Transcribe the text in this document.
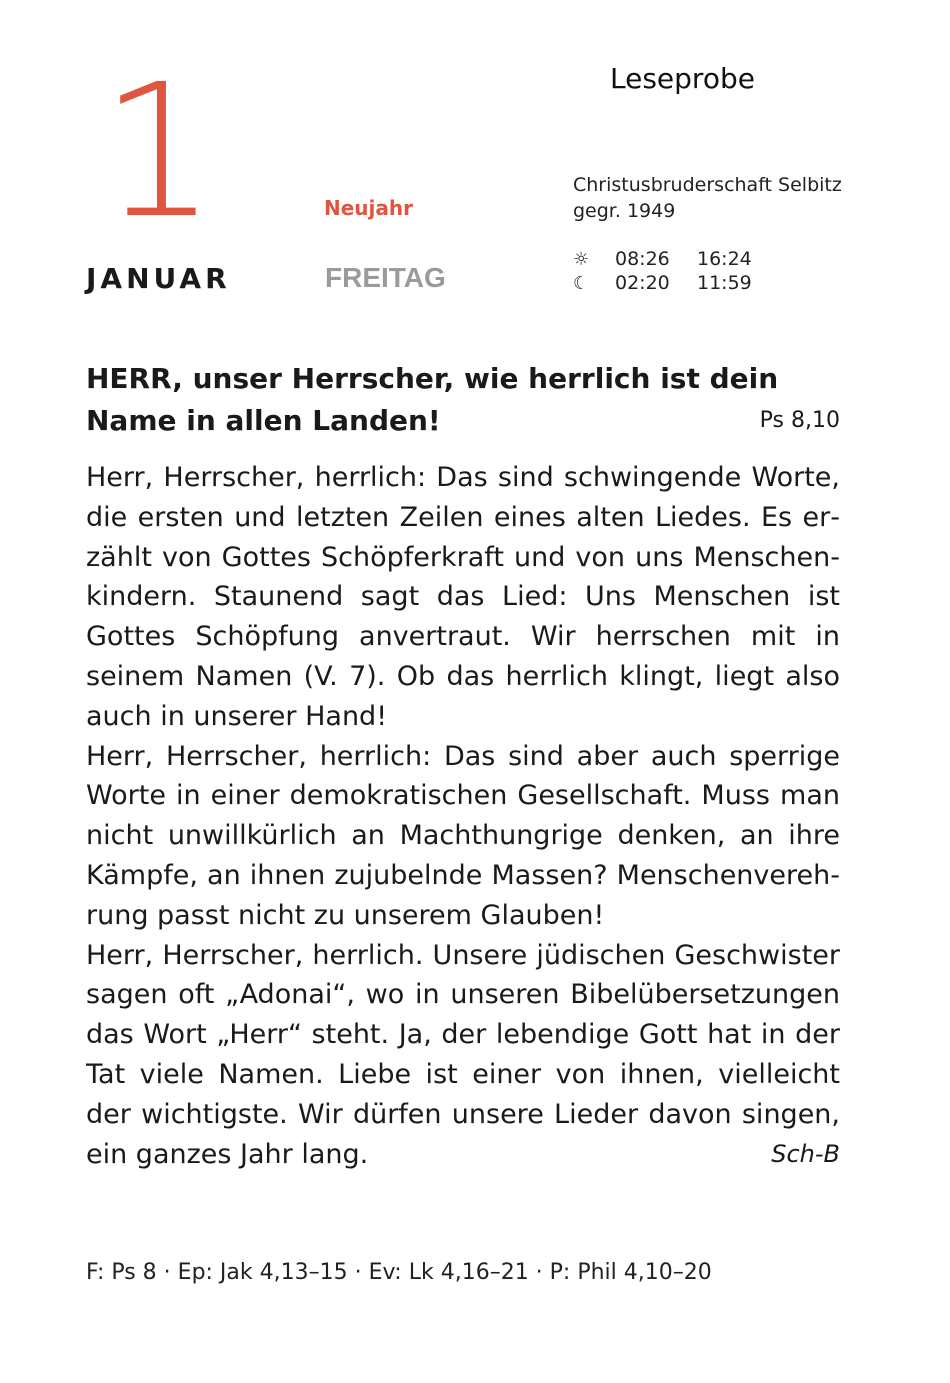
Leseprobe
1	Neujahr
Christusbruderschaft Selbitz
gegr. 1949
JANUAR	FREITAG
☼	08:26	16:24
☾	02:20	11:59
HERR, unser Herrscher, wie herrlich ist dein Name in allen Landen!	Ps 8,10

Herr, Herrscher, herrlich: Das sind schwingende Worte, die ersten und letzten Zeilen eines alten Liedes. Es erzählt von Gottes Schöpferkraft und von uns Menschenkindern. Staunend sagt das Lied: Uns Menschen ist Gottes Schöpfung anvertraut. Wir herrschen mit in seinem Namen (V. 7). Ob das herrlich klingt, liegt also auch in unserer Hand!

Herr, Herrscher, herrlich: Das sind aber auch sperrige Worte in einer demokratischen Gesellschaft. Muss man nicht unwillkürlich an Machthungrige denken, an ihre Kämpfe, an ihnen zujubelnde Massen? Menschenverehrung passt nicht zu unserem Glauben!

Herr, Herrscher, herrlich. Unsere jüdischen Geschwister sagen oft „Adonai“, wo in unseren Bibelübersetzungen das Wort „Herr“ steht. Ja, der lebendige Gott hat in der Tat viele Namen. Liebe ist einer von ihnen, vielleicht der wichtigste. Wir dürfen unsere Lieder davon singen, ein ganzes Jahr lang.	Sch-B

F: Ps 8 · Ep: Jak 4,13–15 · Ev: Lk 4,16–21 · P: Phil 4,10–20
